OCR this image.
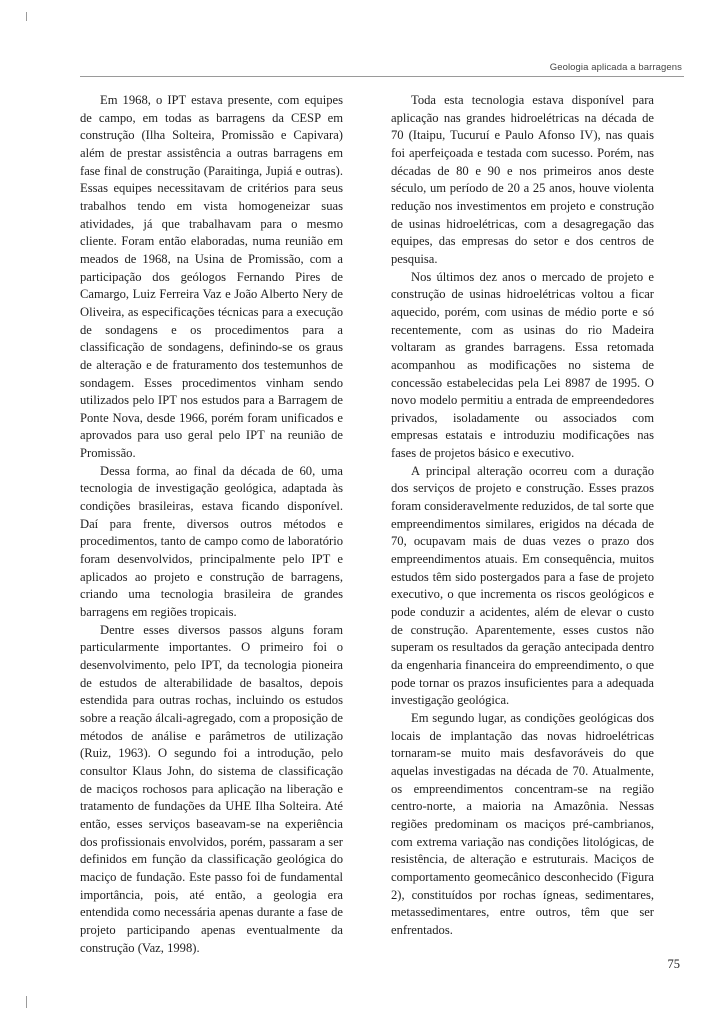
Geologia aplicada a barragens

Em 1968, o IPT estava presente, com equipes de campo, em todas as barragens da CESP em construção (Ilha Solteira, Promissão e Capivara) além de prestar assistência a outras barragens em fase final de construção (Paraitinga, Jupiá e outras). Essas equipes necessitavam de critérios para seus trabalhos tendo em vista homogeneizar suas atividades, já que trabalhavam para o mesmo cliente. Foram então elaboradas, numa reunião em meados de 1968, na Usina de Promissão, com a participação dos geólogos Fernando Pires de Camargo, Luiz Ferreira Vaz e João Alberto Nery de Oliveira, as especificações técnicas para a execução de sondagens e os procedimentos para a classificação de sondagens, definindo-se os graus de alteração e de fraturamento dos testemunhos de sondagem. Esses procedimentos vinham sendo utilizados pelo IPT nos estudos para a Barragem de Ponte Nova, desde 1966, porém foram unificados e aprovados para uso geral pelo IPT na reunião de Promissão.

Dessa forma, ao final da década de 60, uma tecnologia de investigação geológica, adaptada às condições brasileiras, estava ficando disponível. Daí para frente, diversos outros métodos e procedimentos, tanto de campo como de laboratório foram desenvolvidos, principalmente pelo IPT e aplicados ao projeto e construção de barragens, criando uma tecnologia brasileira de grandes barragens em regiões tropicais.

Dentre esses diversos passos alguns foram particularmente importantes. O primeiro foi o desenvolvimento, pelo IPT, da tecnologia pioneira de estudos de alterabilidade de basaltos, depois estendida para outras rochas, incluindo os estudos sobre a reação álcali-agregado, com a proposição de métodos de análise e parâmetros de utilização (Ruiz, 1963). O segundo foi a introdução, pelo consultor Klaus John, do sistema de classificação de maciços rochosos para aplicação na liberação e tratamento de fundações da UHE Ilha Solteira. Até então, esses serviços baseavam-se na experiência dos profissionais envolvidos, porém, passaram a ser definidos em função da classificação geológica do maciço de fundação. Este passo foi de fundamental importância, pois, até então, a geologia era entendida como necessária apenas durante a fase de projeto participando apenas eventualmente da construção (Vaz, 1998).

Toda esta tecnologia estava disponível para aplicação nas grandes hidroelétricas na década de 70 (Itaipu, Tucuruí e Paulo Afonso IV), nas quais foi aperfeiçoada e testada com sucesso. Porém, nas décadas de 80 e 90 e nos primeiros anos deste século, um período de 20 a 25 anos, houve violenta redução nos investimentos em projeto e construção de usinas hidroelétricas, com a desagregação das equipes, das empresas do setor e dos centros de pesquisa.

Nos últimos dez anos o mercado de projeto e construção de usinas hidroelétricas voltou a ficar aquecido, porém, com usinas de médio porte e só recentemente, com as usinas do rio Madeira voltaram as grandes barragens. Essa retomada acompanhou as modificações no sistema de concessão estabelecidas pela Lei 8987 de 1995. O novo modelo permitiu a entrada de empreendedores privados, isoladamente ou associados com empresas estatais e introduziu modificações nas fases de projetos básico e executivo.

A principal alteração ocorreu com a duração dos serviços de projeto e construção. Esses prazos foram consideravelmente reduzidos, de tal sorte que empreendimentos similares, erigidos na década de 70, ocupavam mais de duas vezes o prazo dos empreendimentos atuais. Em consequência, muitos estudos têm sido postergados para a fase de projeto executivo, o que incrementa os riscos geológicos e pode conduzir a acidentes, além de elevar o custo de construção. Aparentemente, esses custos não superam os resultados da geração antecipada dentro da engenharia financeira do empreendimento, o que pode tornar os prazos insuficientes para a adequada investigação geológica.

Em segundo lugar, as condições geológicas dos locais de implantação das novas hidroelétricas tornaram-se muito mais desfavoráveis do que aquelas investigadas na década de 70. Atualmente, os empreendimentos concentram-se na região centro-norte, a maioria na Amazônia. Nessas regiões predominam os maciços pré-cambrianos, com extrema variação nas condições litológicas, de resistência, de alteração e estruturais. Maciços de comportamento geomecânico desconhecido (Figura 2), constituídos por rochas ígneas, sedimentares, metassedimentares, entre outros, têm que ser enfrentados.

75
